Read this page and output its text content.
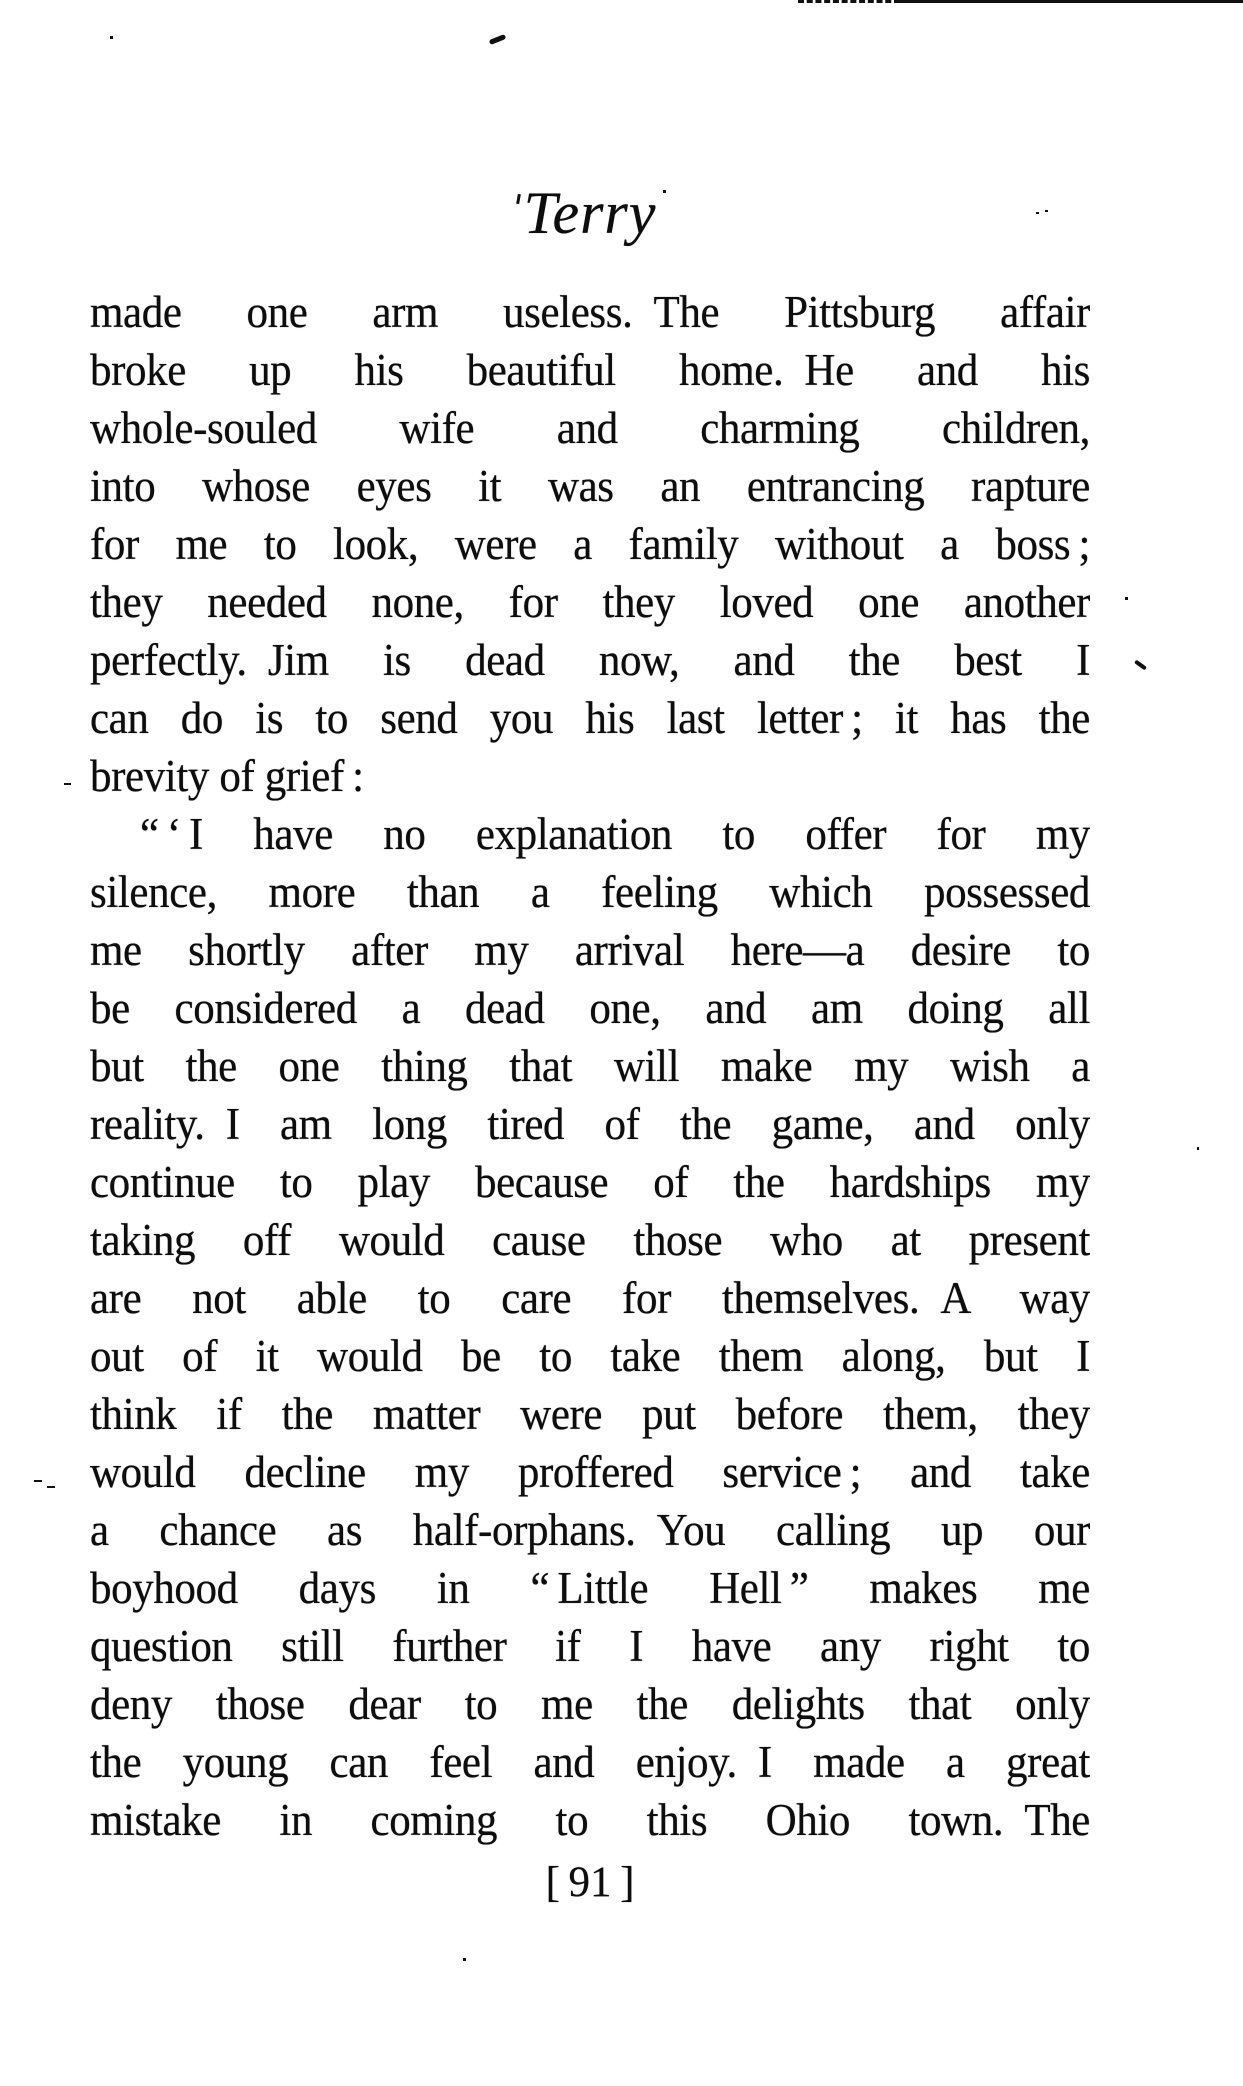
Terry
made one arm useless. The Pittsburg affair
broke up his beautiful home. He and his
whole-souled wife and charming children,
into whose eyes it was an entrancing rapture
for me to look, were a family without a boss ;
they needed none, for they loved one another
perfectly. Jim is dead now, and the best I
can do is to send you his last letter ; it has the
brevity of grief :
“ ‘ I have no explanation to offer for my
silence, more than a feeling which possessed
me shortly after my arrival here—a desire to
be considered a dead one, and am doing all
but the one thing that will make my wish a
reality. I am long tired of the game, and only
continue to play because of the hardships my
taking off would cause those who at present
are not able to care for themselves. A way
out of it would be to take them along, but I
think if the matter were put before them, they
would decline my proffered service ; and take
a chance as half-orphans. You calling up our
boyhood days in “ Little Hell ” makes me
question still further if I have any right to
deny those dear to me the delights that only
the young can feel and enjoy. I made a great
mistake in coming to this Ohio town. The
[ 91 ]
